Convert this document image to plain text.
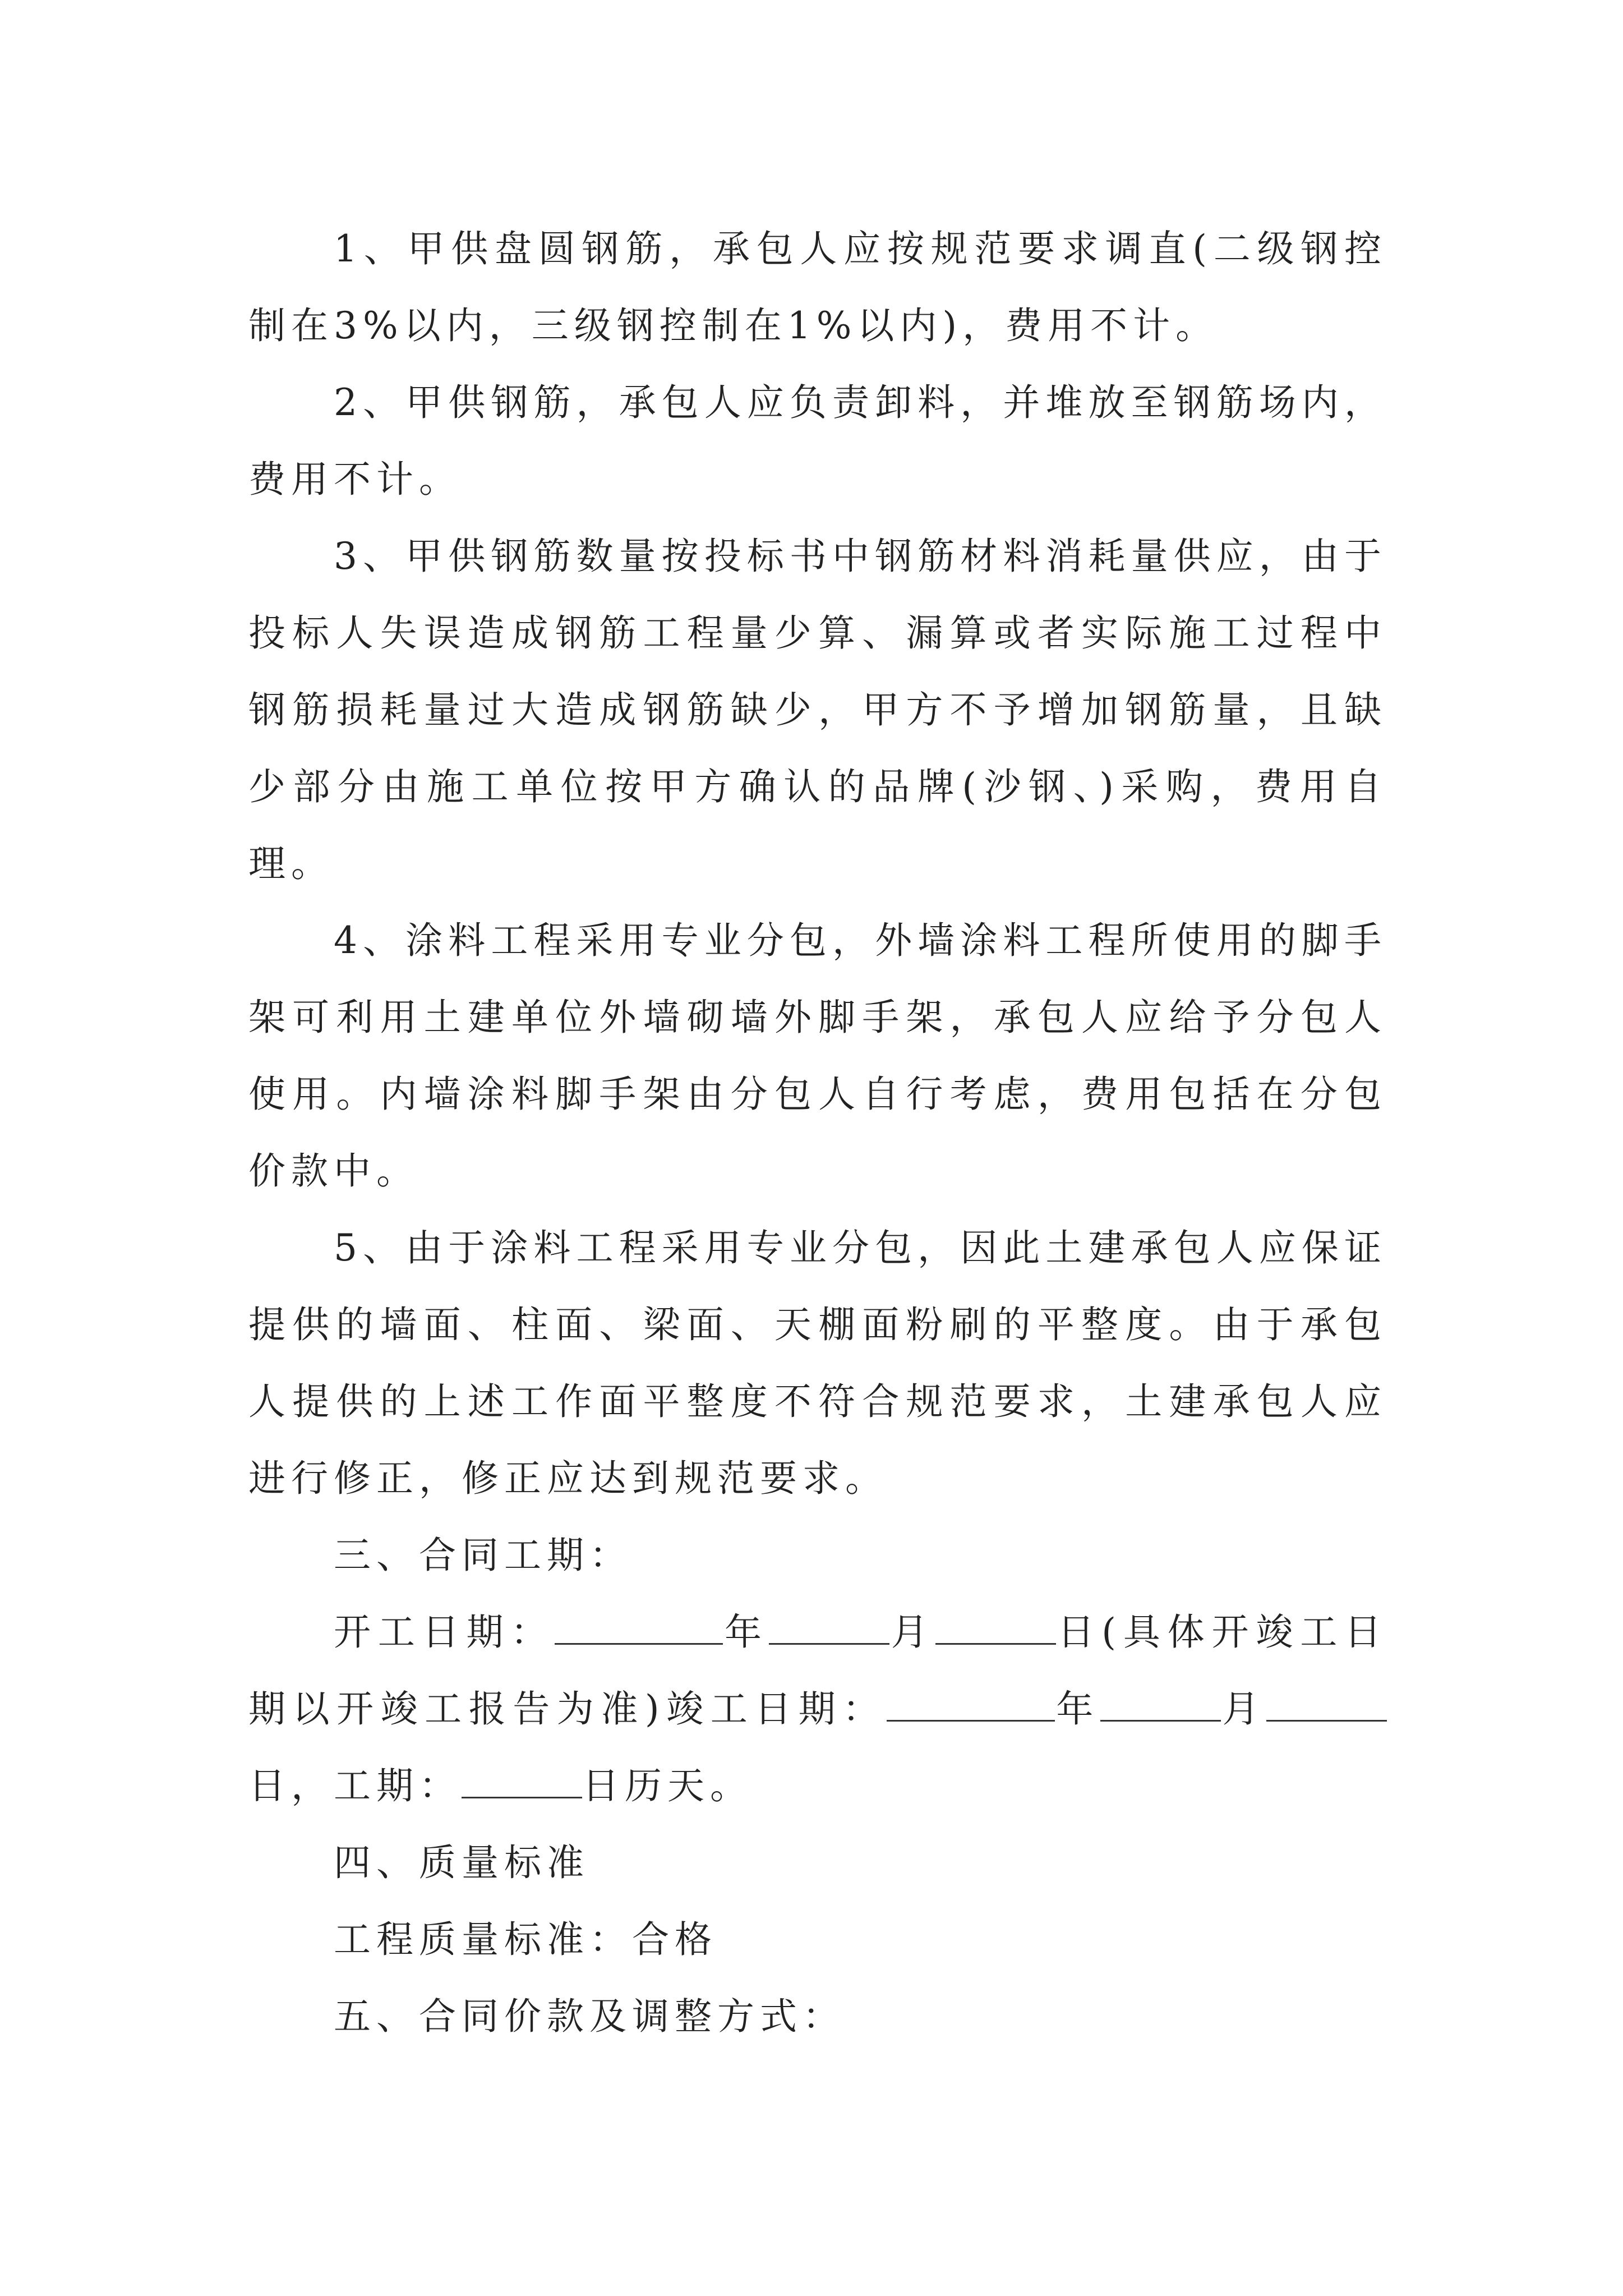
1、甲供盘圆钢筋，承包人应按规范要求调直(二级钢控制在3%以内，三级钢控制在1%以内)，费用不计。

2、甲供钢筋，承包人应负责卸料，并堆放至钢筋场内，费用不计。

3、甲供钢筋数量按投标书中钢筋材料消耗量供应，由于投标人失误造成钢筋工程量少算、漏算或者实际施工过程中钢筋损耗量过大造成钢筋缺少，甲方不予增加钢筋量，且缺少部分由施工单位按甲方确认的品牌(沙钢、)采购，费用自理。

4、涂料工程采用专业分包，外墙涂料工程所使用的脚手架可利用土建单位外墙砌墙外脚手架，承包人应给予分包人使用。内墙涂料脚手架由分包人自行考虑，费用包括在分包价款中。

5、由于涂料工程采用专业分包，因此土建承包人应保证提供的墙面、柱面、梁面、天棚面粉刷的平整度。由于承包人提供的上述工作面平整度不符合规范要求，土建承包人应进行修正，修正应达到规范要求。

三、合同工期：

开工日期：	年	月	日(具体开竣工日期以开竣工报告为准)竣工日期：	年	月日，工期：	日历天。

四、质量标准

工程质量标准：合格

五、合同价款及调整方式：
